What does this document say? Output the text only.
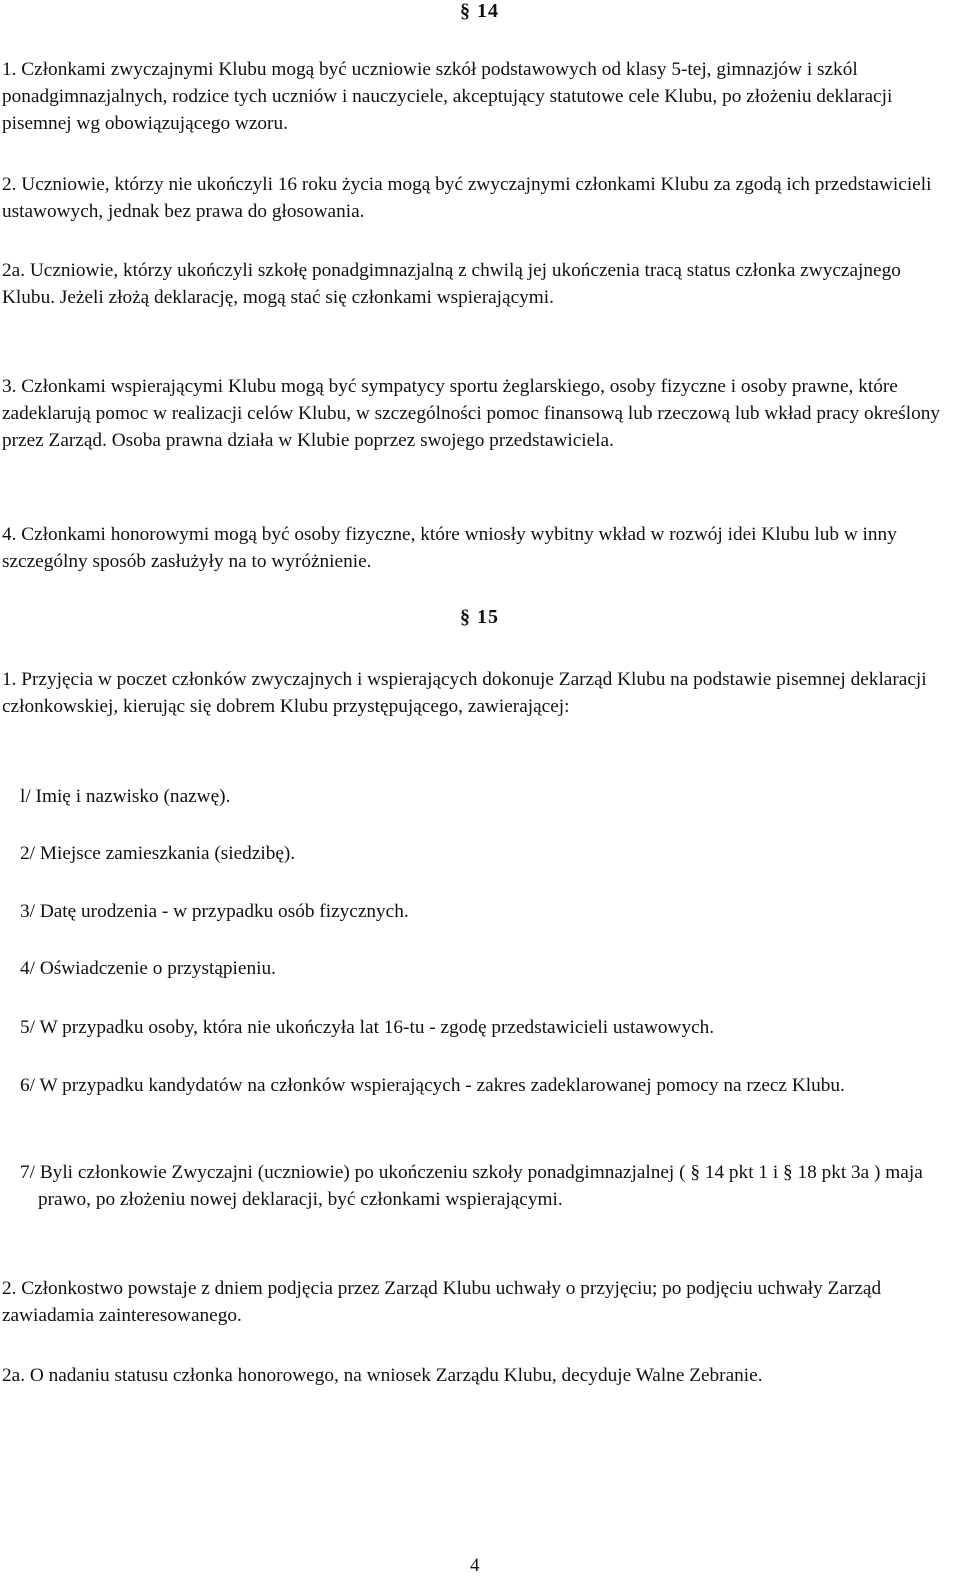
§ 14

1. Członkami zwyczajnymi Klubu mogą być uczniowie szkół podstawowych od klasy 5-tej, gimnazjów i szkól ponadgimnazjalnych, rodzice tych uczniów i nauczyciele, akceptujący statutowe cele Klubu, po złożeniu deklaracji pisemnej wg obowiązującego wzoru.

2. Uczniowie, którzy nie ukończyli 16 roku życia mogą być zwyczajnymi członkami Klubu za zgodą ich przedstawicieli ustawowych, jednak bez prawa do głosowania.

2a. Uczniowie, którzy ukończyli szkołę ponadgimnazjalną z chwilą jej ukończenia tracą status członka zwyczajnego Klubu. Jeżeli złożą deklarację, mogą stać się członkami wspierającymi.

3. Członkami wspierającymi Klubu mogą być sympatycy sportu żeglarskiego, osoby fizyczne i osoby prawne, które zadeklarują pomoc w realizacji celów Klubu, w szczególności pomoc finansową lub rzeczową lub wkład pracy określony przez Zarząd. Osoba prawna działa w Klubie poprzez swojego przedstawiciela.

4. Członkami honorowymi mogą być osoby fizyczne, które wniosły wybitny wkład w rozwój idei Klubu lub w inny szczególny sposób zasłużyły na to wyróżnienie.

§ 15

1. Przyjęcia w poczet członków zwyczajnych i wspierających dokonuje Zarząd Klubu na podstawie pisemnej deklaracji członkowskiej, kierując się dobrem Klubu przystępującego, zawierającej:

l/ Imię i nazwisko (nazwę).

2/ Miejsce zamieszkania (siedzibę).

3/ Datę urodzenia - w przypadku osób fizycznych.

4/ Oświadczenie o przystąpieniu.

5/ W przypadku osoby, która nie ukończyła lat 16-tu - zgodę przedstawicieli ustawowych.

6/ W przypadku kandydatów na członków wspierających - zakres zadeklarowanej pomocy na rzecz Klubu.

7/ Byli członkowie Zwyczajni (uczniowie) po ukończeniu szkoły ponadgimnazjalnej ( § 14 pkt 1 i § 18 pkt 3a ) maja prawo, po złożeniu nowej deklaracji, być członkami wspierającymi.

2. Członkostwo powstaje z dniem podjęcia przez Zarząd Klubu uchwały o przyjęciu; po podjęciu uchwały Zarząd zawiadamia zainteresowanego.

2a. O nadaniu statusu członka honorowego, na wniosek Zarządu Klubu, decyduje Walne Zebranie.

4
